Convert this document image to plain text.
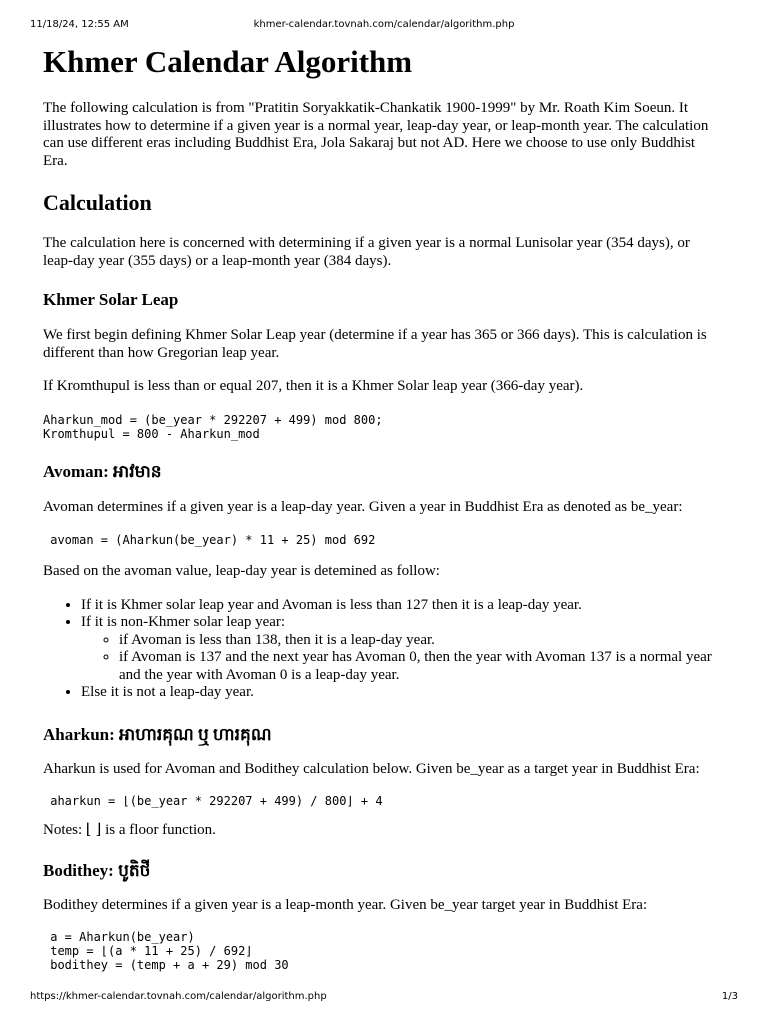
11/18/24, 12:55 AM	khmer-calendar.tovnah.com/calendar/algorithm.php
Khmer Calendar Algorithm

The following calculation is from "Pratitin Soryakkatik-Chankatik 1900-1999" by Mr. Roath Kim Soeun. It illustrates how to determine if a given year is a normal year, leap-day year, or leap-month year. The calculation can use different eras including Buddhist Era, Jola Sakaraj but not AD. Here we choose to use only Buddhist Era.

Calculation

The calculation here is concerned with determining if a given year is a normal Lunisolar year (354 days), or leap-day year (355 days) or a leap-month year (384 days).

Khmer Solar Leap

We first begin defining Khmer Solar Leap year (determine if a year has 365 or 366 days). This is calculation is different than how Gregorian leap year.

If Kromthupul is less than or equal 207, then it is a Khmer Solar leap year (366-day year).

Aharkun_mod = (be_year * 292207 + 499) mod 800;
Kromthupul = 800 - Aharkun_mod
Avoman: អាវមាន

Avoman determines if a given year is a leap-day year. Given a year in Buddhist Era as denoted as be_year:

avoman = (Aharkun(be_year) * 11 + 25) mod 692

Based on the avoman value, leap-day year is detemined as follow:

• If it is Khmer solar leap year and Avoman is less than 127 then it is a leap-day year.
• If it is non-Khmer solar leap year:
◦ if Avoman is less than 138, then it is a leap-day year.
◦ if Avoman is 137 and the next year has Avoman 0, then the year with Avoman 137 is a normal year and the year with Avoman 0 is a leap-day year.
• Else it is not a leap-day year.
Aharkun: អាហារគុណ ឬ ហារគុណ

Aharkun is used for Avoman and Bodithey calculation below. Given be_year as a target year in Buddhist Era:

aharkun = ⌊(be_year * 292207 + 499) / 800⌋ + 4

Notes: ⌊ ⌋ is a floor function.

Bodithey: បូតិថី

Bodithey determines if a given year is a leap-month year. Given be_year target year in Buddhist Era:

a = Aharkun(be_year)
temp = ⌊(a * 11 + 25) / 692⌋
bodithey = (temp + a + 29) mod 30
https://khmer-calendar.tovnah.com/calendar/algorithm.php	1/3
